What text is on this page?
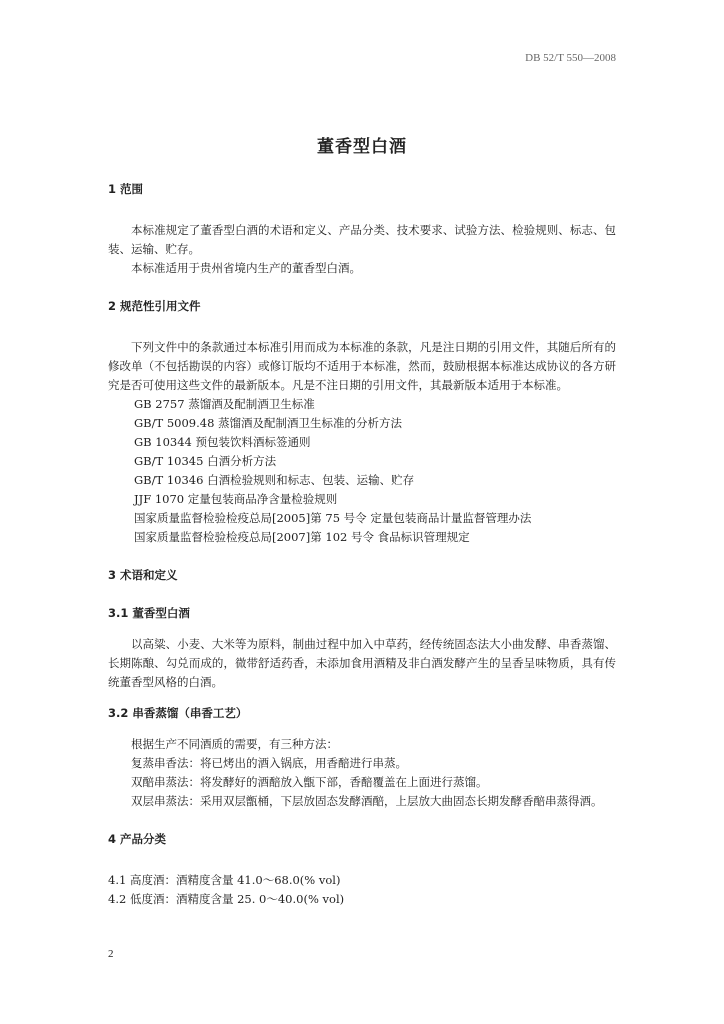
DB 52/T 550—2008
董香型白酒
1 范围

本标准规定了董香型白酒的术语和定义、产品分类、技术要求、试验方法、检验规则、标志、包装、运输、贮存。

本标准适用于贵州省境内生产的董香型白酒。

2 规范性引用文件

下列文件中的条款通过本标准引用而成为本标准的条款，凡是注日期的引用文件，其随后所有的修改单（不包括勘误的内容）或修订版均不适用于本标准，然而，鼓励根据本标准达成协议的各方研究是否可使用这些文件的最新版本。凡是不注日期的引用文件，其最新版本适用于本标准。

GB 2757 蒸馏酒及配制酒卫生标准

GB/T 5009.48 蒸馏酒及配制酒卫生标准的分析方法

GB 10344 预包装饮料酒标签通则

GB/T 10345 白酒分析方法

GB/T 10346 白酒检验规则和标志、包装、运输、贮存

JJF 1070 定量包装商品净含量检验规则

国家质量监督检验检疫总局[2005]第 75 号令 定量包装商品计量监督管理办法

国家质量监督检验检疫总局[2007]第 102 号令 食品标识管理规定

3 术语和定义
3.1 董香型白酒

以高粱、小麦、大米等为原料，制曲过程中加入中草药，经传统固态法大小曲发酵、串香蒸馏、长期陈酿、勾兑而成的，微带舒适药香，未添加食用酒精及非白酒发酵产生的呈香呈味物质，具有传统董香型风格的白酒。

3.2 串香蒸馏（串香工艺）

根据生产不同酒质的需要，有三种方法：

复蒸串香法：将已烤出的酒入锅底，用香醅进行串蒸。

双醅串蒸法：将发酵好的酒醅放入甑下部，香醅覆盖在上面进行蒸馏。

双层串蒸法：采用双层甑桶，下层放固态发酵酒醅，上层放大曲固态长期发酵香醅串蒸得酒。

4 产品分类

4.1 高度酒：酒精度含量 41.0～68.0(% vol)

4.2 低度酒：酒精度含量 25. 0～40.0(% vol)

2
